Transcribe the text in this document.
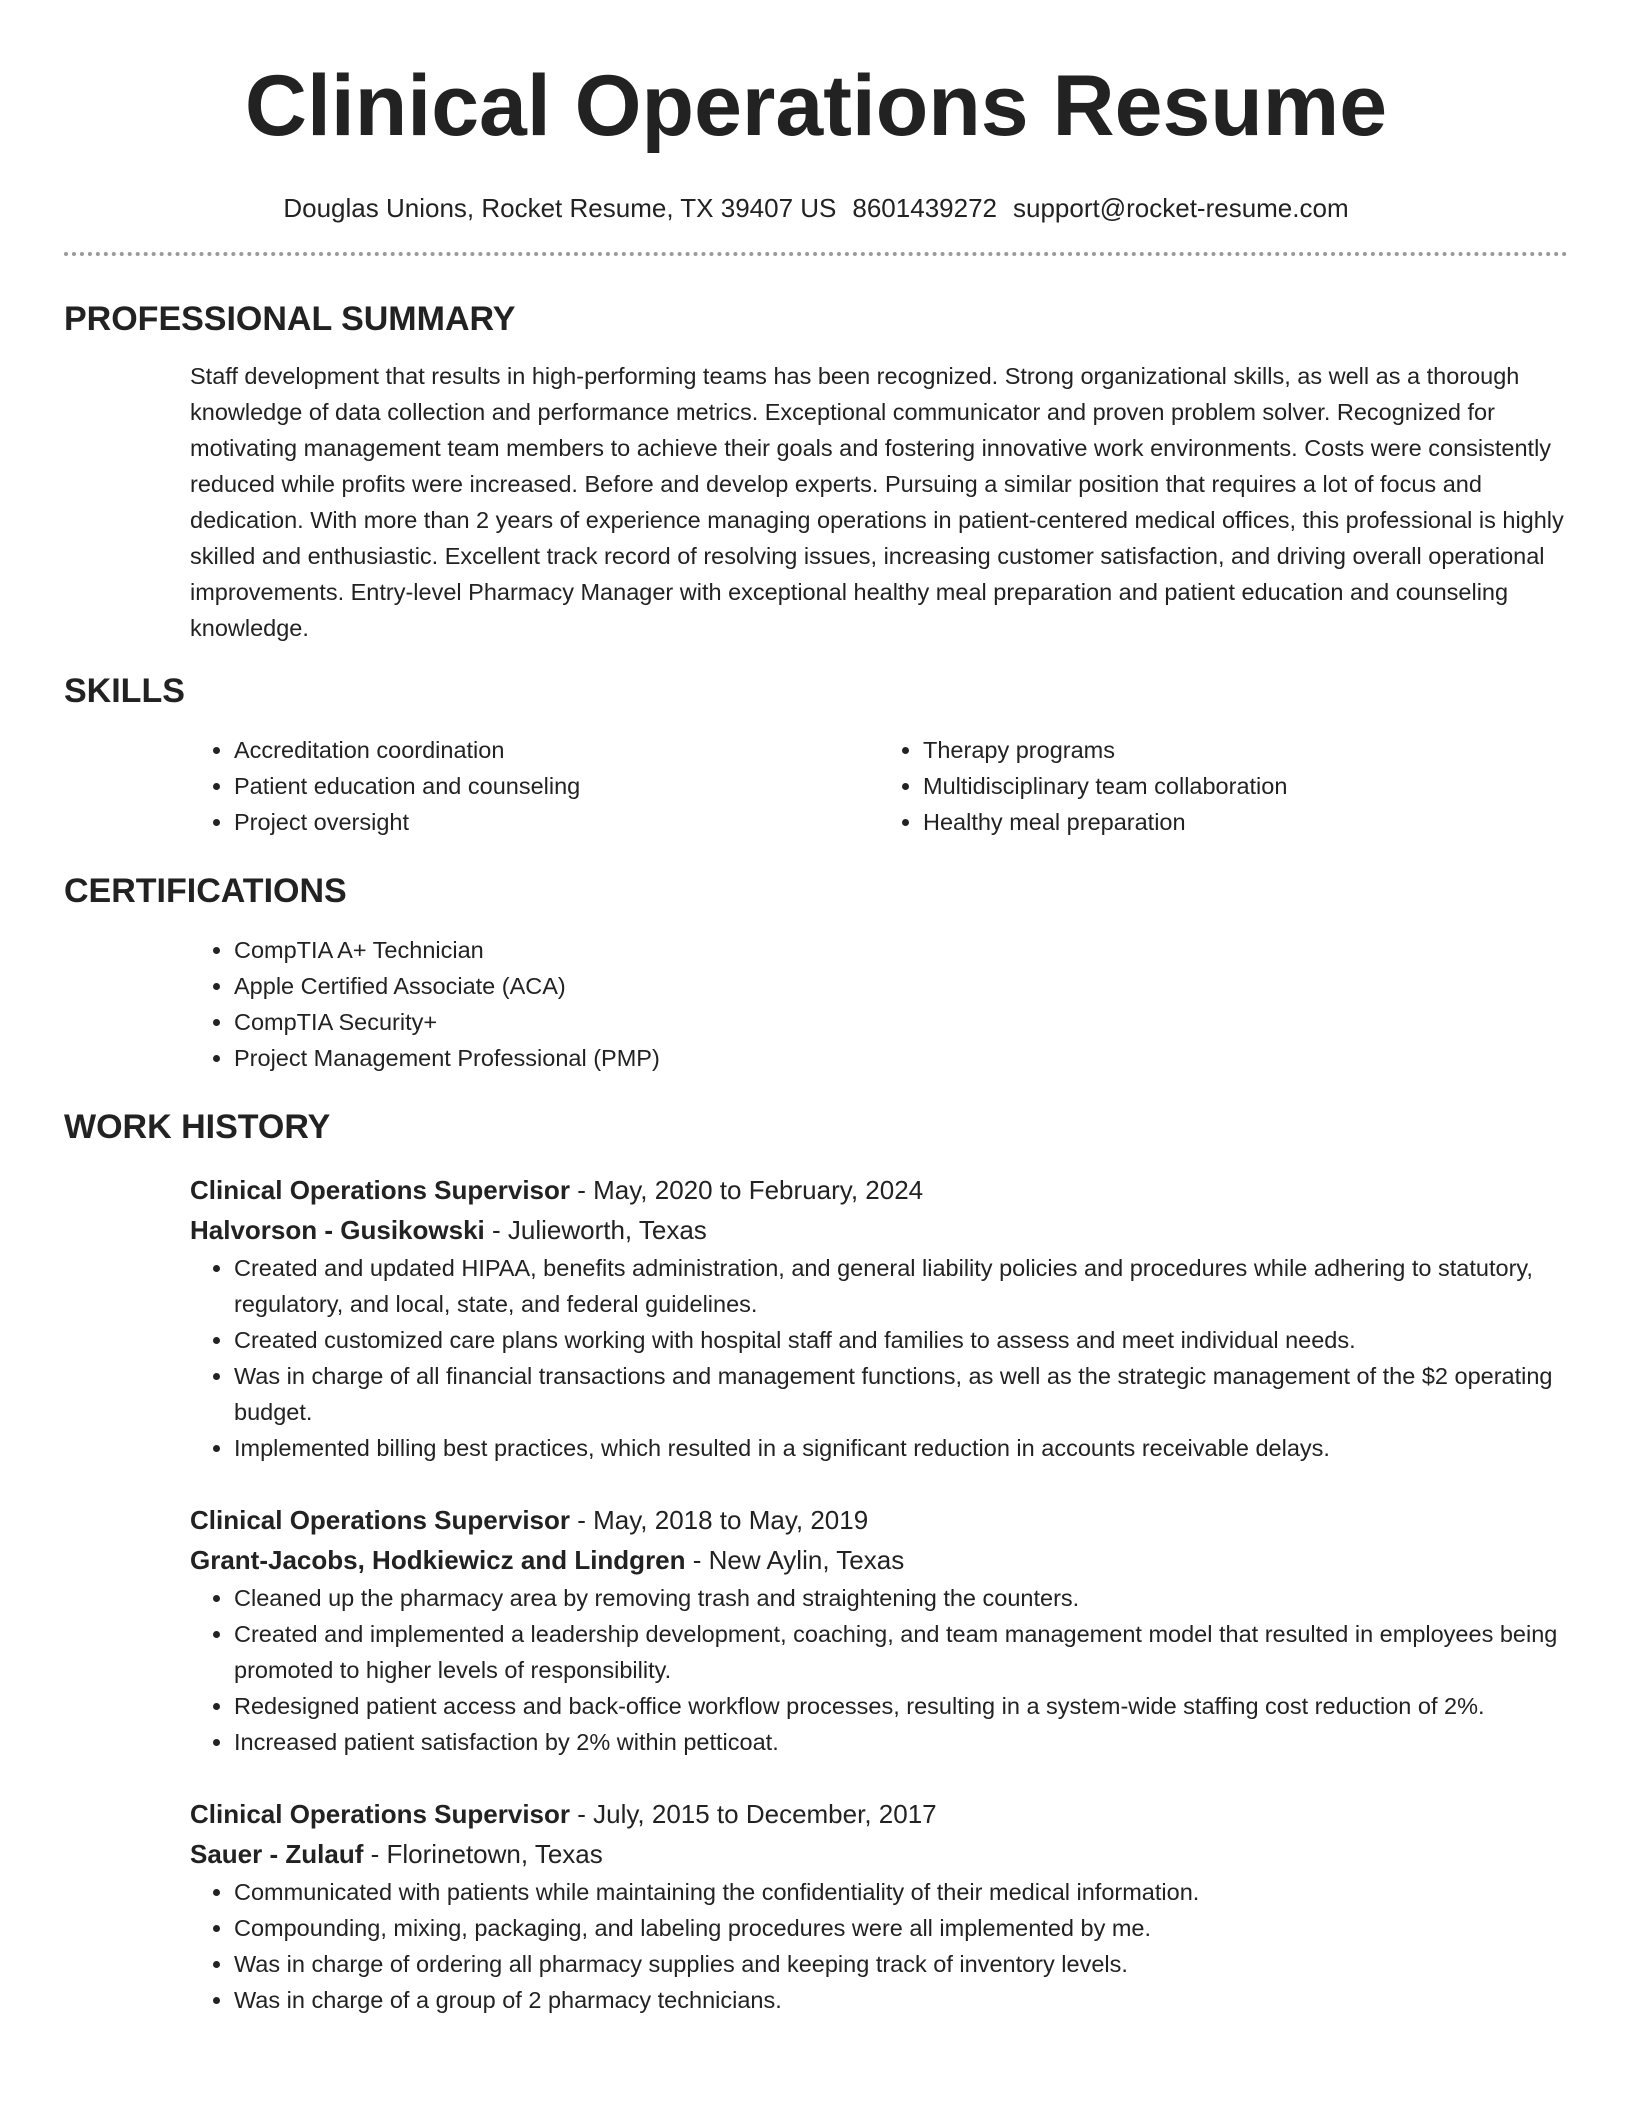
Clinical Operations Resume
Douglas Unions, Rocket Resume, TX 39407 US 8601439272 support@rocket-resume.com
PROFESSIONAL SUMMARY

Staff development that results in high-performing teams has been recognized. Strong organizational skills, as well as a thorough knowledge of data collection and performance metrics. Exceptional communicator and proven problem solver. Recognized for motivating management team members to achieve their goals and fostering innovative work environments. Costs were consistently reduced while profits were increased. Before and develop experts. Pursuing a similar position that requires a lot of focus and dedication. With more than 2 years of experience managing operations in patient-centered medical offices, this professional is highly skilled and enthusiastic. Excellent track record of resolving issues, increasing customer satisfaction, and driving overall operational improvements. Entry-level Pharmacy Manager with exceptional healthy meal preparation and patient education and counseling knowledge.

SKILLS
• Accreditation coordination
• Patient education and counseling
• Project oversight
• Therapy programs
• Multidisciplinary team collaboration
• Healthy meal preparation
CERTIFICATIONS
• CompTIA A+ Technician
• Apple Certified Associate (ACA)
• CompTIA Security+
• Project Management Professional (PMP)
WORK HISTORY
Clinical Operations Supervisor - May, 2020 to February, 2024
Halvorson - Gusikowski - Julieworth, Texas
• Created and updated HIPAA, benefits administration, and general liability policies and procedures while adhering to statutory, regulatory, and local, state, and federal guidelines.
• Created customized care plans working with hospital staff and families to assess and meet individual needs.
• Was in charge of all financial transactions and management functions, as well as the strategic management of the $2 operating budget.
• Implemented billing best practices, which resulted in a significant reduction in accounts receivable delays.
Clinical Operations Supervisor - May, 2018 to May, 2019
Grant-Jacobs, Hodkiewicz and Lindgren - New Aylin, Texas
• Cleaned up the pharmacy area by removing trash and straightening the counters.
• Created and implemented a leadership development, coaching, and team management model that resulted in employees being promoted to higher levels of responsibility.
• Redesigned patient access and back-office workflow processes, resulting in a system-wide staffing cost reduction of 2%.
• Increased patient satisfaction by 2% within petticoat.
Clinical Operations Supervisor - July, 2015 to December, 2017
Sauer - Zulauf - Florinetown, Texas
• Communicated with patients while maintaining the confidentiality of their medical information.
• Compounding, mixing, packaging, and labeling procedures were all implemented by me.
• Was in charge of ordering all pharmacy supplies and keeping track of inventory levels.
• Was in charge of a group of 2 pharmacy technicians.
